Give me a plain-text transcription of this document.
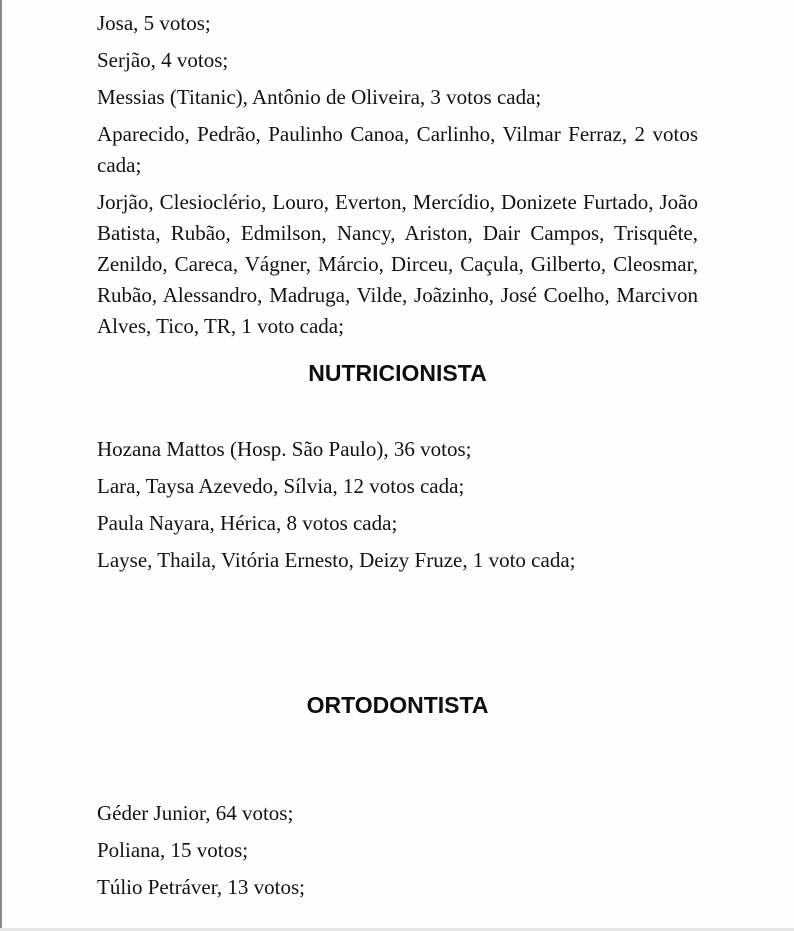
Josa, 5 votos;

Serjão, 4 votos;

Messias (Titanic), Antônio de Oliveira, 3 votos cada;

Aparecido, Pedrão, Paulinho Canoa, Carlinho, Vilmar Ferraz, 2 votos cada;

Jorjão, Clesioclério, Louro, Everton, Mercídio, Donizete Furtado, João Batista, Rubão, Edmilson, Nancy, Ariston, Dair Campos, Trisquête, Zenildo, Careca, Vágner, Márcio, Dirceu, Caçula, Gilberto, Cleosmar, Rubão, Alessandro, Madruga, Vilde, Joãzinho, José Coelho, Marcivon Alves, Tico, TR, 1 voto cada;

NUTRICIONISTA

Hozana Mattos (Hosp. São Paulo), 36 votos;

Lara, Taysa Azevedo, Sílvia, 12 votos cada;

Paula Nayara, Hérica, 8 votos cada;

Layse, Thaila, Vitória Ernesto, Deizy Fruze, 1 voto cada;

ORTODONTISTA

Géder Junior, 64 votos;

Poliana, 15 votos;

Túlio Petráver, 13 votos;
